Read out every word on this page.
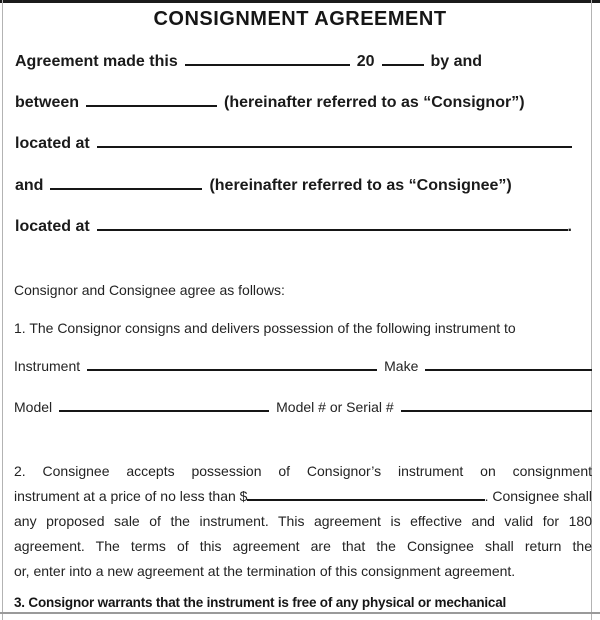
CONSIGNMENT AGREEMENT
Agreement made this	20	by and
between	(hereinafter referred to as “Consignor”)
located at
and	(hereinafter referred to as “Consignee”)
located at	.
Consignor and Consignee agree as follows:
1. The Consignor consigns and delivers possession of the following instrument to
Instrument	Make
Model	Model # or Serial #
2. Consignee accepts possession of Consignor’s instrument on consignment
instrument at a price of no less than $	. Consignee shall
any proposed sale of the instrument. This agreement is effective and valid for 180
agreement. The terms of this agreement are that the Consignee shall return the
or, enter into a new agreement at the termination of this consignment agreement.
3. Consignor warrants that the instrument is free of any physical or mechanical
